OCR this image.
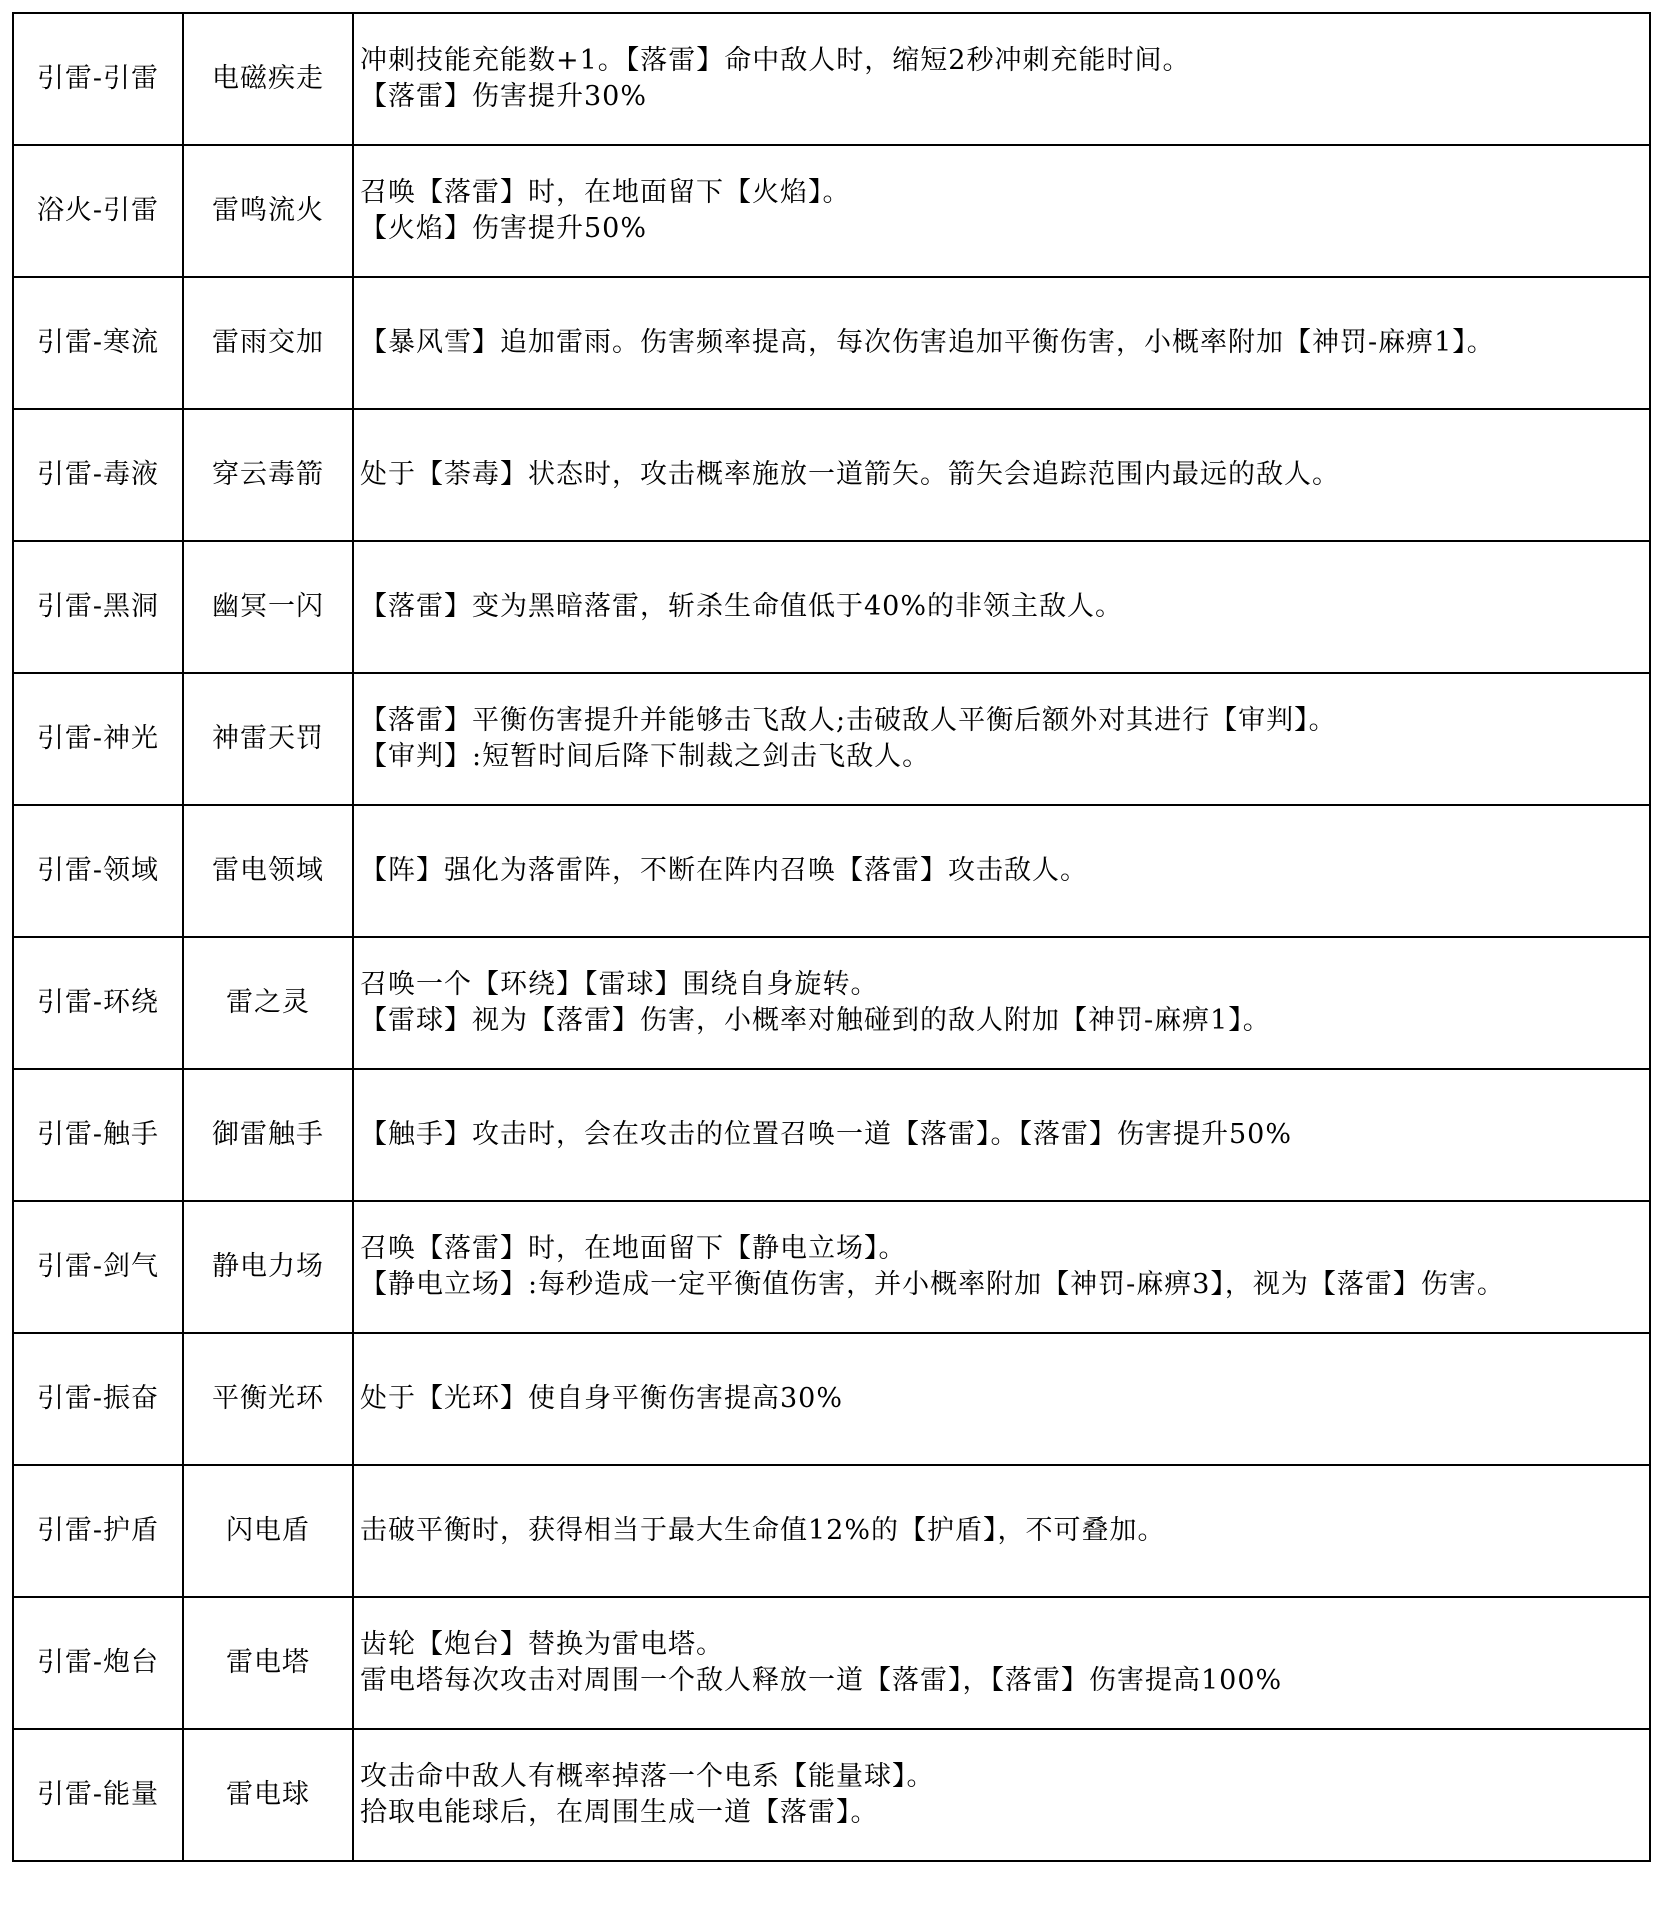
引雷-引雷	电磁疾走	冲刺技能充能数+1。【落雷】命中敌人时，缩短2秒冲刺充能时间。
【落雷】伤害提升30%

浴火-引雷	雷鸣流火	召唤【落雷】时，在地面留下【火焰】。
【火焰】伤害提升50%

引雷-寒流	雷雨交加	【暴风雪】追加雷雨。伤害频率提高，每次伤害追加平衡伤害，小概率附加【神罚-麻痹1】。

引雷-毒液	穿云毒箭	处于【荼毒】状态时，攻击概率施放一道箭矢。箭矢会追踪范围内最远的敌人。

引雷-黑洞	幽冥一闪	【落雷】变为黑暗落雷，斩杀生命值低于40%的非领主敌人。

引雷-神光	神雷天罚	【落雷】平衡伤害提升并能够击飞敌人;击破敌人平衡后额外对其进行【审判】。
【审判】:短暂时间后降下制裁之剑击飞敌人。

引雷-领域	雷电领域	【阵】强化为落雷阵，不断在阵内召唤【落雷】攻击敌人。

引雷-环绕	雷之灵	召唤一个【环绕】【雷球】围绕自身旋转。
【雷球】视为【落雷】伤害，小概率对触碰到的敌人附加【神罚-麻痹1】。

引雷-触手	御雷触手	【触手】攻击时，会在攻击的位置召唤一道【落雷】。【落雷】伤害提升50%

引雷-剑气	静电力场	召唤【落雷】时，在地面留下【静电立场】。
【静电立场】:每秒造成一定平衡值伤害，并小概率附加【神罚-麻痹3】，视为【落雷】伤害。

引雷-振奋	平衡光环	处于【光环】使自身平衡伤害提高30%

引雷-护盾	闪电盾	击破平衡时，获得相当于最大生命值12%的【护盾】，不可叠加。

引雷-炮台	雷电塔	齿轮【炮台】替换为雷电塔。
雷电塔每次攻击对周围一个敌人释放一道【落雷】，【落雷】伤害提高100%

引雷-能量	雷电球	攻击命中敌人有概率掉落一个电系【能量球】。
拾取电能球后，在周围生成一道【落雷】。
